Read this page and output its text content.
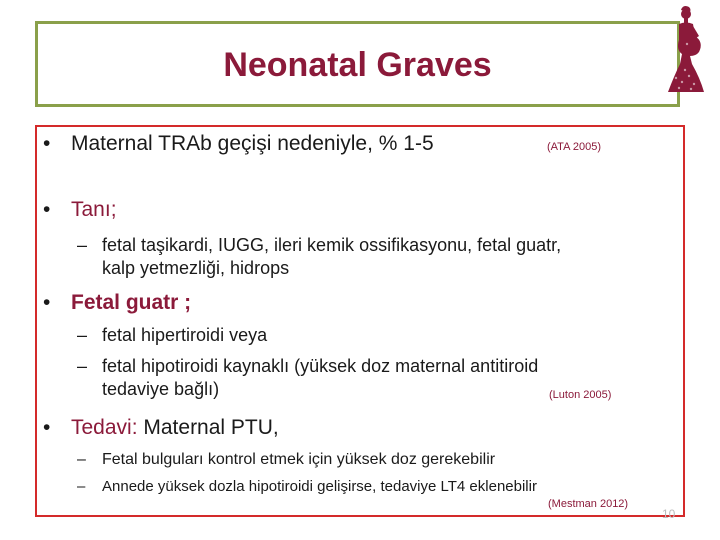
Neonatal Graves
• Maternal TRAb geçişi nedeniyle, % 1-5	(ATA 2005)
• Tanı;
– fetal taşikardi, IUGG, ileri kemik ossifikasyonu, fetal guatr,
kalp yetmezliği, hidrops
• Fetal guatr ;
– fetal hipertiroidi veya
– fetal hipotiroidi kaynaklı (yüksek doz maternal antitiroid
tedaviye bağlı)	(Luton 2005)
• Tedavi: Maternal PTU,
– Fetal bulguları kontrol etmek için yüksek doz gerekebilir
– Annede yüksek dozla hipotiroidi gelişirse, tedaviye LT4 eklenebilir
(Mestman 2012)
10
